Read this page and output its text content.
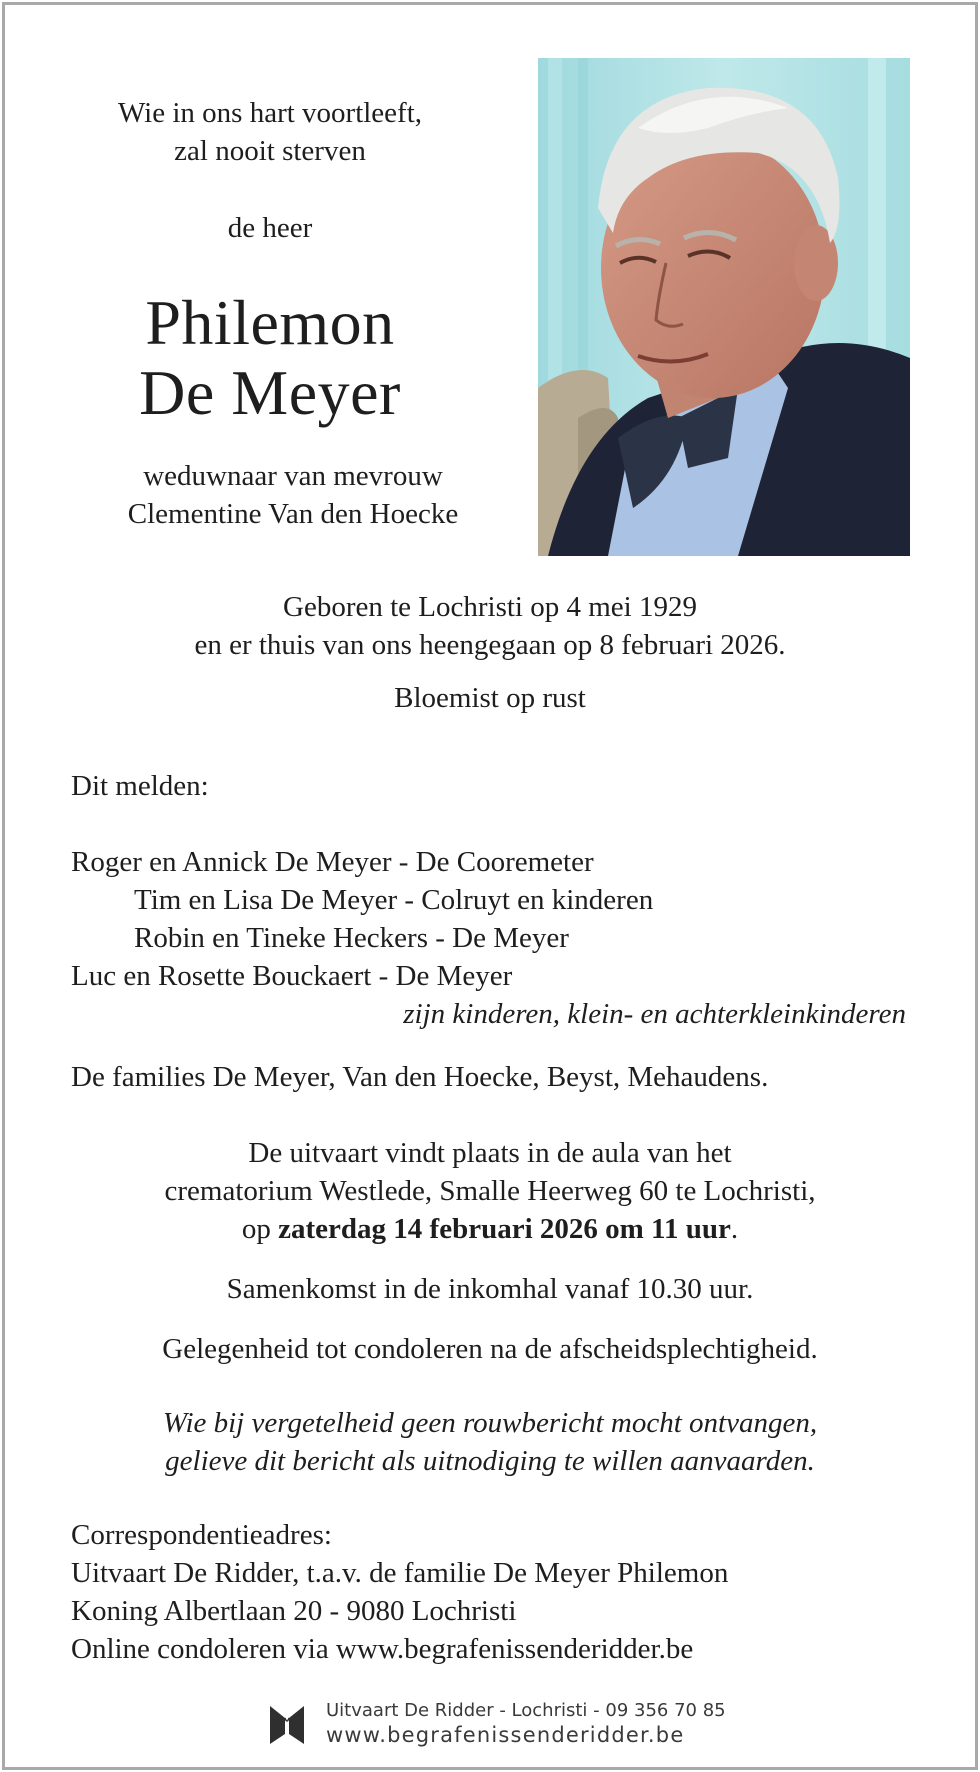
Wie in ons hart voortleeft,
zal nooit sterven
de heer
Philemon
De Meyer
weduwnaar van mevrouw
Clementine Van den Hoecke
Geboren te Lochristi op 4 mei 1929
en er thuis van ons heengegaan op 8 februari 2026.
Bloemist op rust
Dit melden:
Roger en Annick De Meyer - De Cooremeter
Tim en Lisa De Meyer - Colruyt en kinderen
Robin en Tineke Heckers - De Meyer
Luc en Rosette Bouckaert - De Meyer
zijn kinderen, klein- en achterkleinkinderen
De families De Meyer, Van den Hoecke, Beyst, Mehaudens.
De uitvaart vindt plaats in de aula van het
crematorium Westlede, Smalle Heerweg 60 te Lochristi,
op zaterdag 14 februari 2026 om 11 uur.
Samenkomst in de inkomhal vanaf 10.30 uur.
Gelegenheid tot condoleren na de afscheidsplechtigheid.
Wie bij vergetelheid geen rouwbericht mocht ontvangen,
gelieve dit bericht als uitnodiging te willen aanvaarden.
Correspondentieadres:
Uitvaart De Ridder, t.a.v. de familie De Meyer Philemon
Koning Albertlaan 20 - 9080 Lochristi
Online condoleren via www.begrafenissenderidder.be
Uitvaart De Ridder - Lochristi - 09 356 70 85
www.begrafenissenderidder.be
